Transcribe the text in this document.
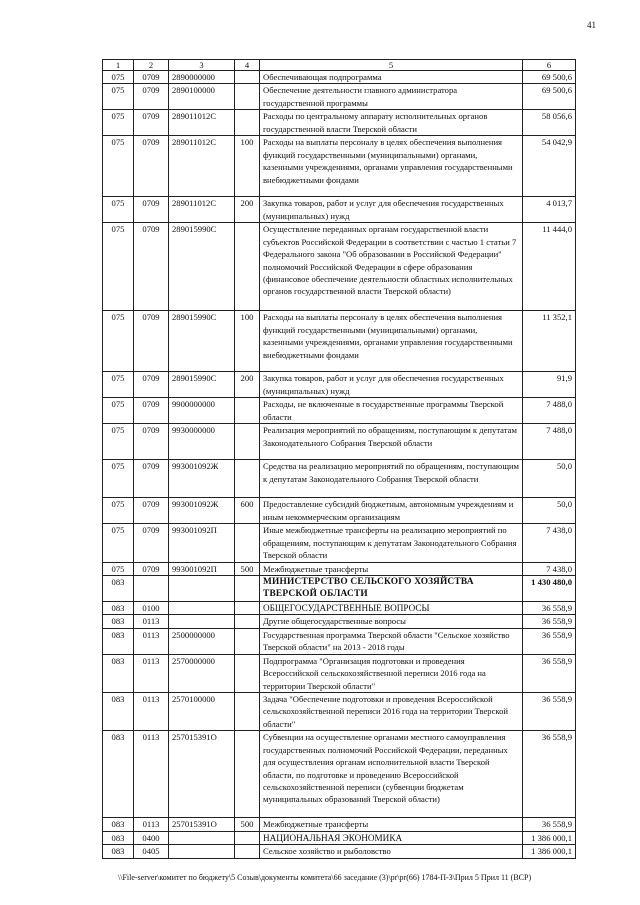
41
1	2	3	4	5	6
075	0709	2890000000		Обеспечивающая подпрограмма	69 500,6
075	0709	2890100000		Обеспечение деятельности главного администратора государственной программы	69 500,6
075	0709	289011012С		Расходы по центральному аппарату исполнительных органов государственной власти Тверской области	58 056,6
075	0709	289011012С	100	Расходы на выплаты персоналу в целях обеспечения выполнения функций государственными (муниципальными) органами, казенными учреждениями, органами управления государственными внебюджетными фондами	54 042,9
075	0709	289011012С	200	Закупка товаров, работ и услуг для обеспечения государственных (муниципальных) нужд	4 013,7
075	0709	289015990С		Осуществление переданных органам государственной власти субъектов Российской Федерации в соответствии с частью 1 статьи 7 Федерального закона "Об образовании в Российской Федерации" полномочий Российской Федерации в сфере образования (финансовое обеспечение деятельности областных исполнительных органов государственной власти Тверской области)	11 444,0
075	0709	289015990С	100	Расходы на выплаты персоналу в целях обеспечения выполнения функций государственными (муниципальными) органами, казенными учреждениями, органами управления государственными внебюджетными фондами	11 352,1
075	0709	289015990С	200	Закупка товаров, работ и услуг для обеспечения государственных (муниципальных) нужд	91,9
075	0709	9900000000		Расходы, не включенные в государственные программы Тверской области	7 488,0
075	0709	9930000000		Реализация мероприятий по обращениям, поступающим к депутатам Законодательного Собрания Тверской области	7 488,0
075	0709	993001092Ж		Средства на реализацию мероприятий по обращениям, поступающим к депутатам Законодательного Собрания Тверской области	50,0
075	0709	993001092Ж	600	Предоставление субсидий бюджетным, автономным учреждениям и иным некоммерческим организациям	50,0
075	0709	993001092П		Иные межбюджетные трансферты на реализацию мероприятий по обращениям, поступающим к депутатам Законодательного Собрания Тверской области	7 438,0
075	0709	993001092П	500	Межбюджетные трансферты	7 438,0
083				МИНИСТЕРСТВО СЕЛЬСКОГО ХОЗЯЙСТВА ТВЕРСКОЙ ОБЛАСТИ	1 430 480,0
083	0100			ОБЩЕГОСУДАРСТВЕННЫЕ ВОПРОСЫ	36 558,9
083	0113			Другие общегосударственные вопросы	36 558,9
083	0113	2500000000		Государственная программа Тверской области "Сельское хозяйство Тверской области" на 2013 - 2018 годы	36 558,9
083	0113	2570000000		Подпрограмма "Организация подготовки и проведения Всероссийской сельскохозяйственной переписи 2016 года на территории Тверской области"	36 558,9
083	0113	2570100000		Задача "Обеспечение подготовки и проведения Всероссийской сельскохозяйственной переписи 2016 года на территории Тверской области"	36 558,9
083	0113	257015391О		Субвенции на осуществление органами местного самоуправления государственных полномочий Российской Федерации, переданных для осуществления органам исполнительной власти Тверской области, по подготовке и проведению Всероссийской сельскохозяйственной переписи (субвенции бюджетам муниципальных образований Тверской области)	36 558,9
083	0113	257015391О	500	Межбюджетные трансферты	36 558,9
083	0400			НАЦИОНАЛЬНАЯ ЭКОНОМИКА	1 386 000,1
083	0405			Сельское хозяйство и рыболовство	1 386 000,1
\\File-server\комитет по бюджету\5 Созыв\документы комитета\66 заседание (3)\pr\pr(66) 1784-П-3\Прил 5 Прил 11 (ВСР)
